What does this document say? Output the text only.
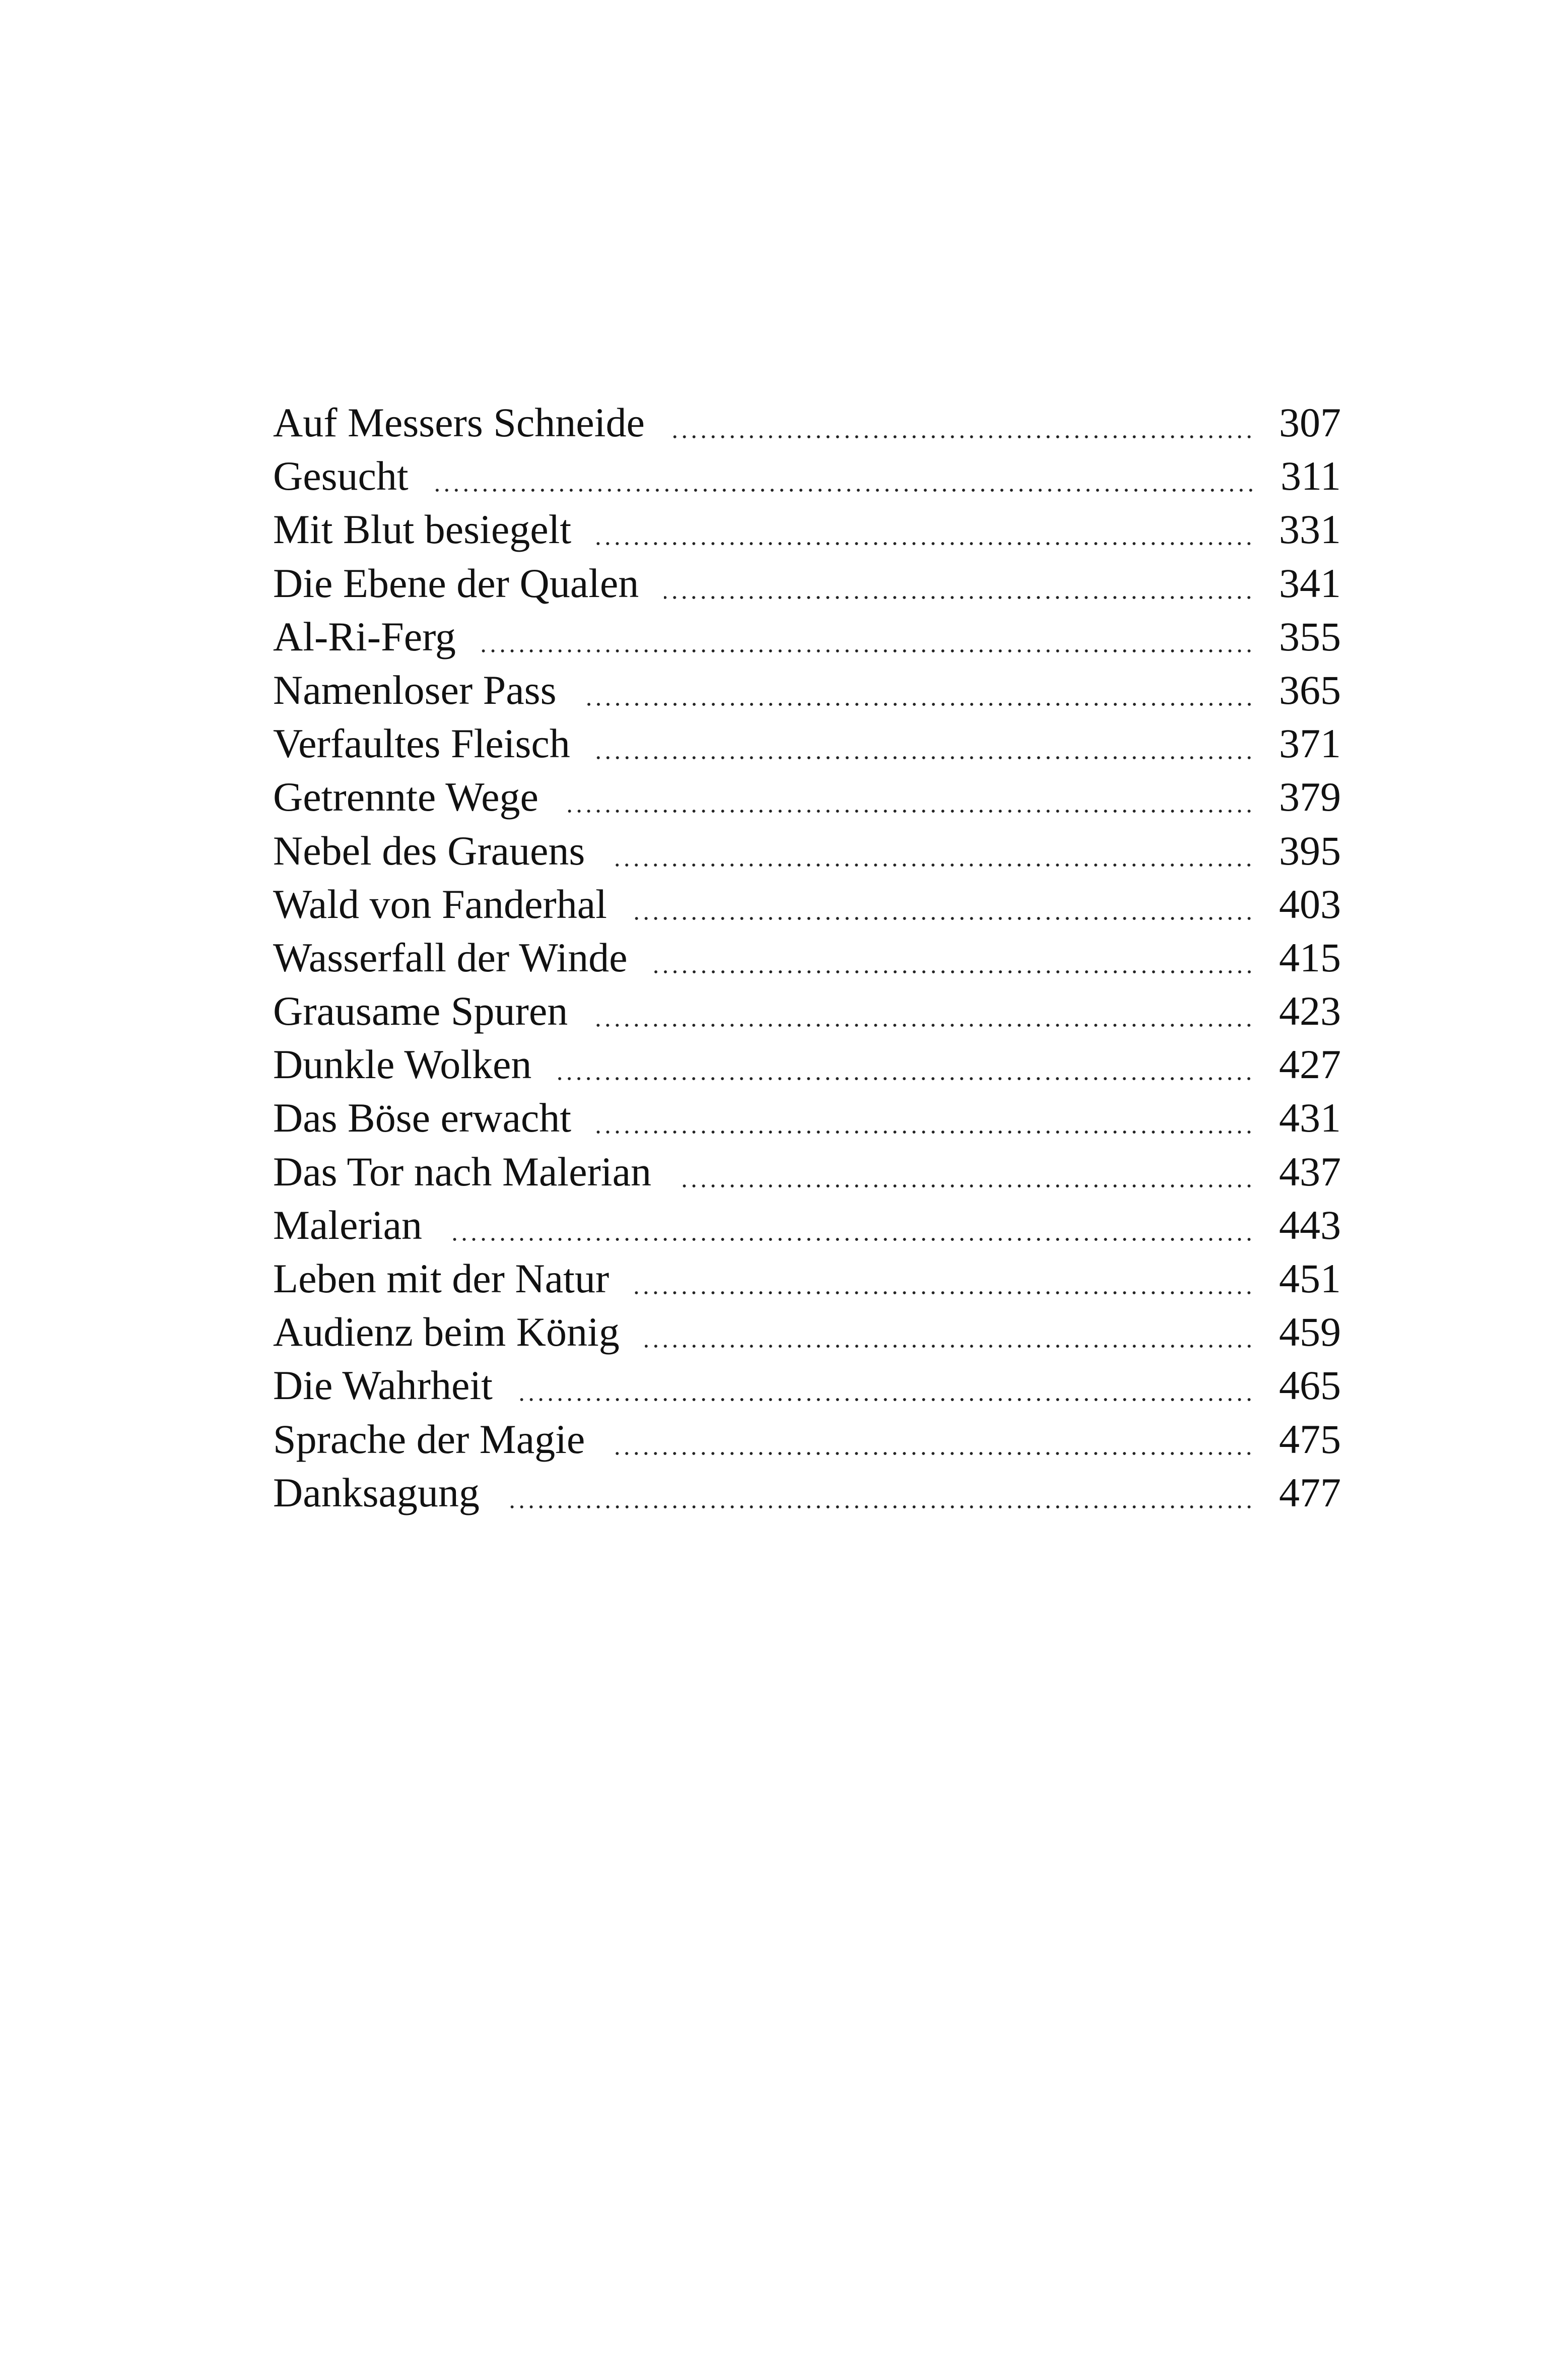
Auf Messers Schneide	307
Gesucht	311
Mit Blut besiegelt	331
Die Ebene der Qualen	341
Al-Ri-Ferg	355
Namenloser Pass	365
Verfaultes Fleisch	371
Getrennte Wege	379
Nebel des Grauens	395
Wald von Fanderhal	403
Wasserfall der Winde	415
Grausame Spuren	423
Dunkle Wolken	427
Das Böse erwacht	431
Das Tor nach Malerian	437
Malerian	443
Leben mit der Natur	451
Audienz beim König	459
Die Wahrheit	465
Sprache der Magie	475
Danksagung	477
